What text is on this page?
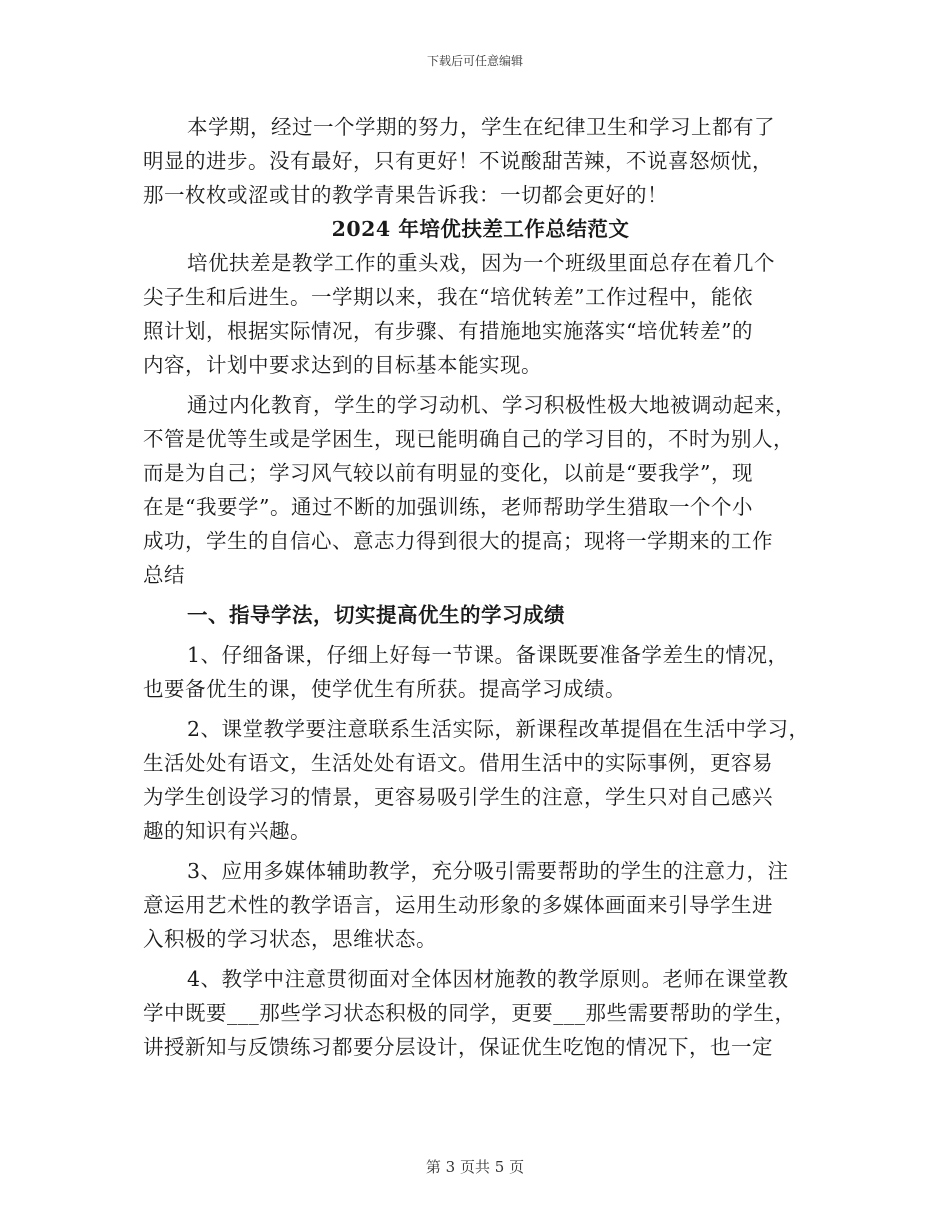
下载后可任意编辑
本学期，经过一个学期的努力，学生在纪律卫生和学习上都有了
明显的进步。没有最好，只有更好！不说酸甜苦辣，不说喜怒烦忧，
那一枚枚或涩或甘的教学青果告诉我：一切都会更好的！
2024 年培优扶差工作总结范文
培优扶差是教学工作的重头戏，因为一个班级里面总存在着几个
尖子生和后进生。一学期以来，我在“培优转差”工作过程中，能依
照计划，根据实际情况，有步骤、有措施地实施落实“培优转差”的
内容，计划中要求达到的目标基本能实现。
通过内化教育，学生的学习动机、学习积极性极大地被调动起来，
不管是优等生或是学困生，现已能明确自己的学习目的，不时为别人，
而是为自己；学习风气较以前有明显的变化，以前是“要我学”，现
在是“我要学”。通过不断的加强训练，老师帮助学生猎取一个个小
成功，学生的自信心、意志力得到很大的提高；现将一学期来的工作
总结
一、指导学法，切实提高优生的学习成绩
1、仔细备课，仔细上好每一节课。备课既要准备学差生的情况，
也要备优生的课，使学优生有所获。提高学习成绩。
2、课堂教学要注意联系生活实际，新课程改革提倡在生活中学习，
生活处处有语文，生活处处有语文。借用生活中的实际事例，更容易
为学生创设学习的情景，更容易吸引学生的注意，学生只对自己感兴
趣的知识有兴趣。
3、应用多媒体辅助教学，充分吸引需要帮助的学生的注意力，注
意运用艺术性的教学语言，运用生动形象的多媒体画面来引导学生进
入积极的学习状态，思维状态。
4、教学中注意贯彻面对全体因材施教的教学原则。老师在课堂教
学中既要___那些学习状态积极的同学，更要___那些需要帮助的学生，
讲授新知与反馈练习都要分层设计，保证优生吃饱的情况下，也一定
第 3 页共 5 页
